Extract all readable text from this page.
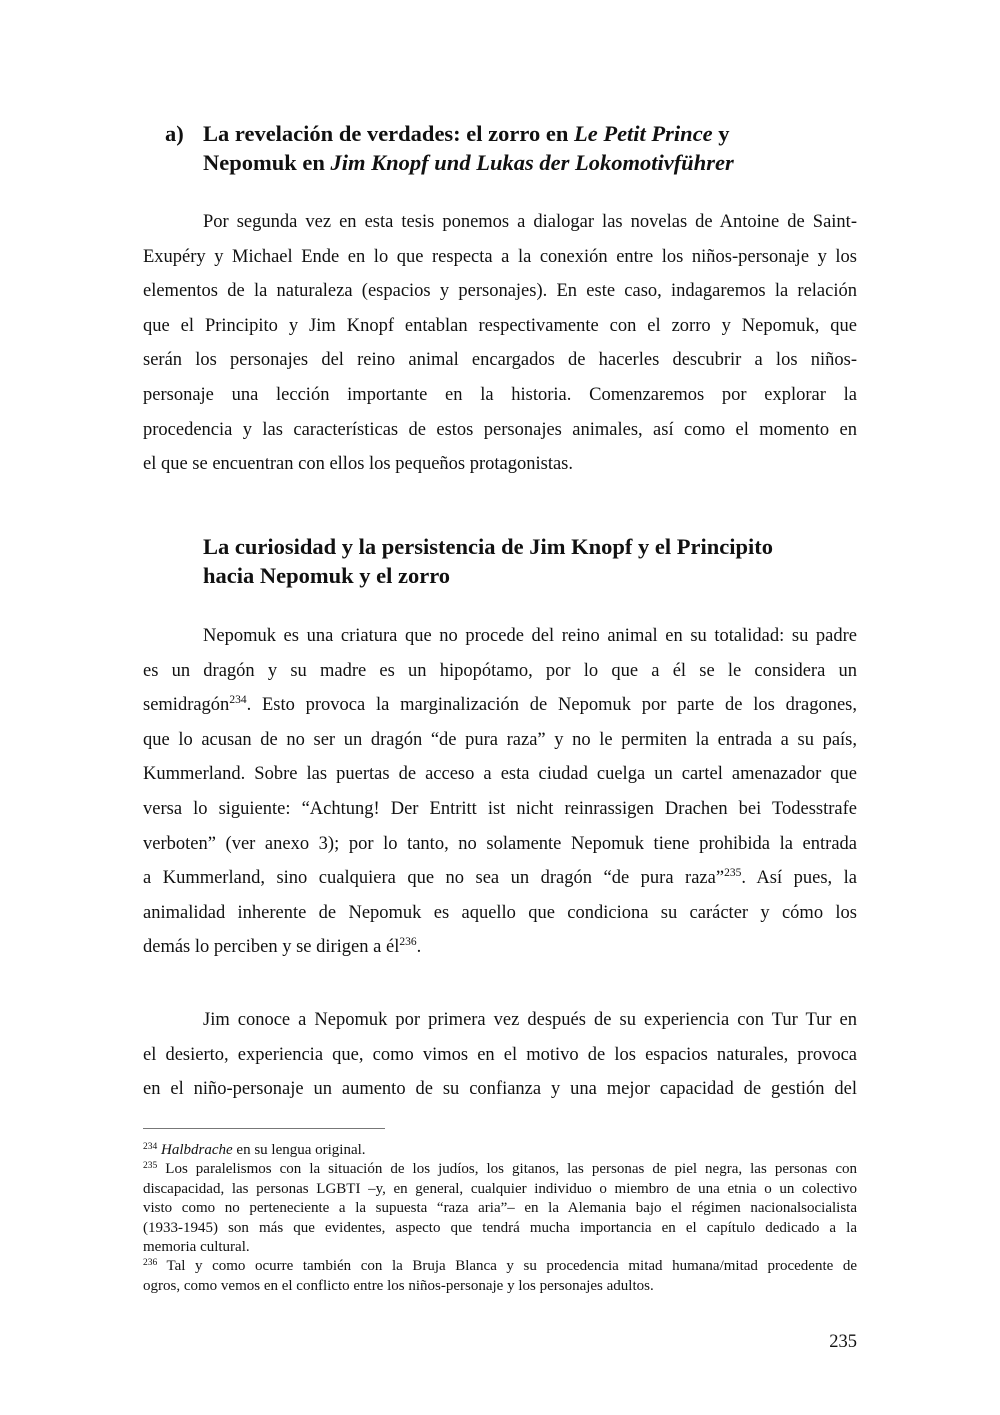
a) La revelación de verdades: el zorro en Le Petit Prince y
Nepomuk en Jim Knopf und Lukas der Lokomotivführer
Por segunda vez en esta tesis ponemos a dialogar las novelas de Antoine de Saint-
Exupéry y Michael Ende en lo que respecta a la conexión entre los niños-personaje y los
elementos de la naturaleza (espacios y personajes). En este caso, indagaremos la relación
que el Principito y Jim Knopf entablan respectivamente con el zorro y Nepomuk, que
serán los personajes del reino animal encargados de hacerles descubrir a los niños-
personaje una lección importante en la historia. Comenzaremos por explorar la
procedencia y las características de estos personajes animales, así como el momento en
el que se encuentran con ellos los pequeños protagonistas.
La curiosidad y la persistencia de Jim Knopf y el Principito
hacia Nepomuk y el zorro
Nepomuk es una criatura que no procede del reino animal en su totalidad: su padre
es un dragón y su madre es un hipopótamo, por lo que a él se le considera un
semidragón$^{234}$. Esto provoca la marginalización de Nepomuk por parte de los dragones,
que lo acusan de no ser un dragón “de pura raza” y no le permiten la entrada a su país,
Kummerland. Sobre las puertas de acceso a esta ciudad cuelga un cartel amenazador que
versa lo siguiente: “Achtung! Der Entritt ist nicht reinrassigen Drachen bei Todesstrafe
verboten” (ver anexo 3); por lo tanto, no solamente Nepomuk tiene prohibida la entrada
a Kummerland, sino cualquiera que no sea un dragón “de pura raza”$^{235}$. Así pues, la
animalidad inherente de Nepomuk es aquello que condiciona su carácter y cómo los
demás lo perciben y se dirigen a $él^{236}$.
Jim conoce a Nepomuk por primera vez después de su experiencia con Tur Tur en
el desierto, experiencia que, como vimos en el motivo de los espacios naturales, provoca
en el niño-personaje un aumento de su confianza y una mejor capacidad de gestión del
$^{234}$ Halbdrache en su lengua original.
$^{235}$ Los paralelismos con la situación de los judíos, los gitanos, las personas de piel negra, las personas con
discapacidad, las personas LGBTI –y, en general, cualquier individuo o miembro de una etnia o un colectivo
visto como no perteneciente a la supuesta “raza aria”– en la Alemania bajo el régimen nacionalsocialista
(1933-1945) son más que evidentes, aspecto que tendrá mucha importancia en el capítulo dedicado a la
memoria cultural.
$^{236}$ Tal y como ocurre también con la Bruja Blanca y su procedencia mitad humana/mitad procedente de
ogros, como vemos en el conflicto entre los niños-personaje y los personajes adultos.
235
